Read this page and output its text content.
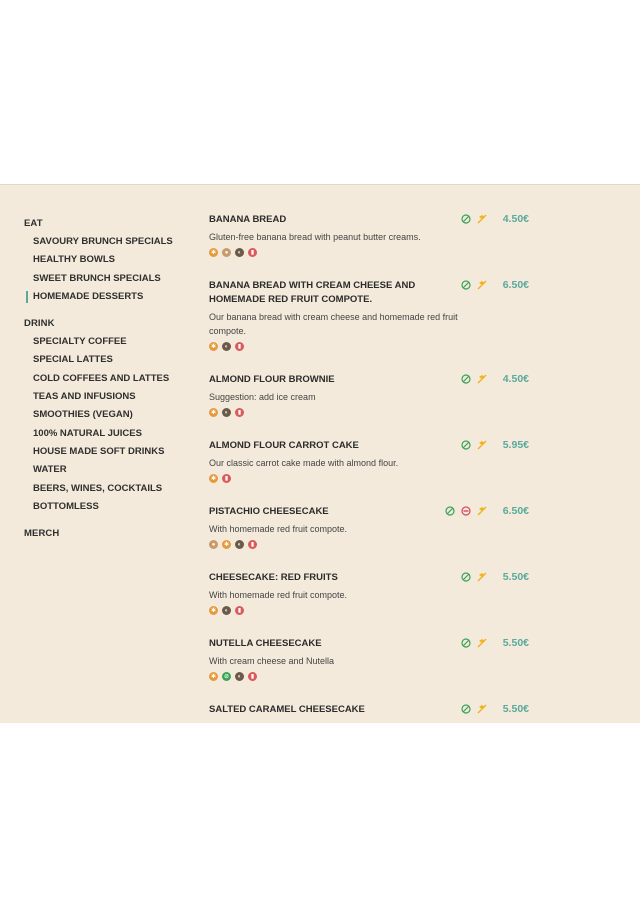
EAT
SAVOURY BRUNCH SPECIALS
HEALTHY BOWLS
SWEET BRUNCH SPECIALS
HOMEMADE DESSERTS
DRINK
SPECIALTY COFFEE
SPECIAL LATTES
COLD COFFEES AND LATTES
TEAS AND INFUSIONS
SMOOTHIES (VEGAN)
100% NATURAL JUICES
HOUSE MADE SOFT DRINKS
WATER
BEERS, WINES, COCKTAILS
BOTTOMLESS
MERCH
BANANA BREAD
Gluten-free banana bread with peanut butter creams.
✱	●	◐	▮
4.50€
BANANA BREAD WITH CREAM CHEESE AND HOMEMADE RED FRUIT COMPOTE.
Our banana bread with cream cheese and homemade red fruit compote.
✱	◐	▮
6.50€
ALMOND FLOUR BROWNIE
Suggestion: add ice cream
✱	◐	▮
4.50€
ALMOND FLOUR CARROT CAKE
Our classic carrot cake made with almond flour.
✱	▮
5.95€
PISTACHIO CHEESECAKE
With homemade red fruit compote.
●	✱	◐	▮
6.50€
CHEESECAKE: RED FRUITS
With homemade red fruit compote.
✱	◐	▮
5.50€
NUTELLA CHEESECAKE
With cream cheese and Nutella
✱	⊘	◐	▮
5.50€
SALTED CARAMEL CHEESECAKE	5.50€
